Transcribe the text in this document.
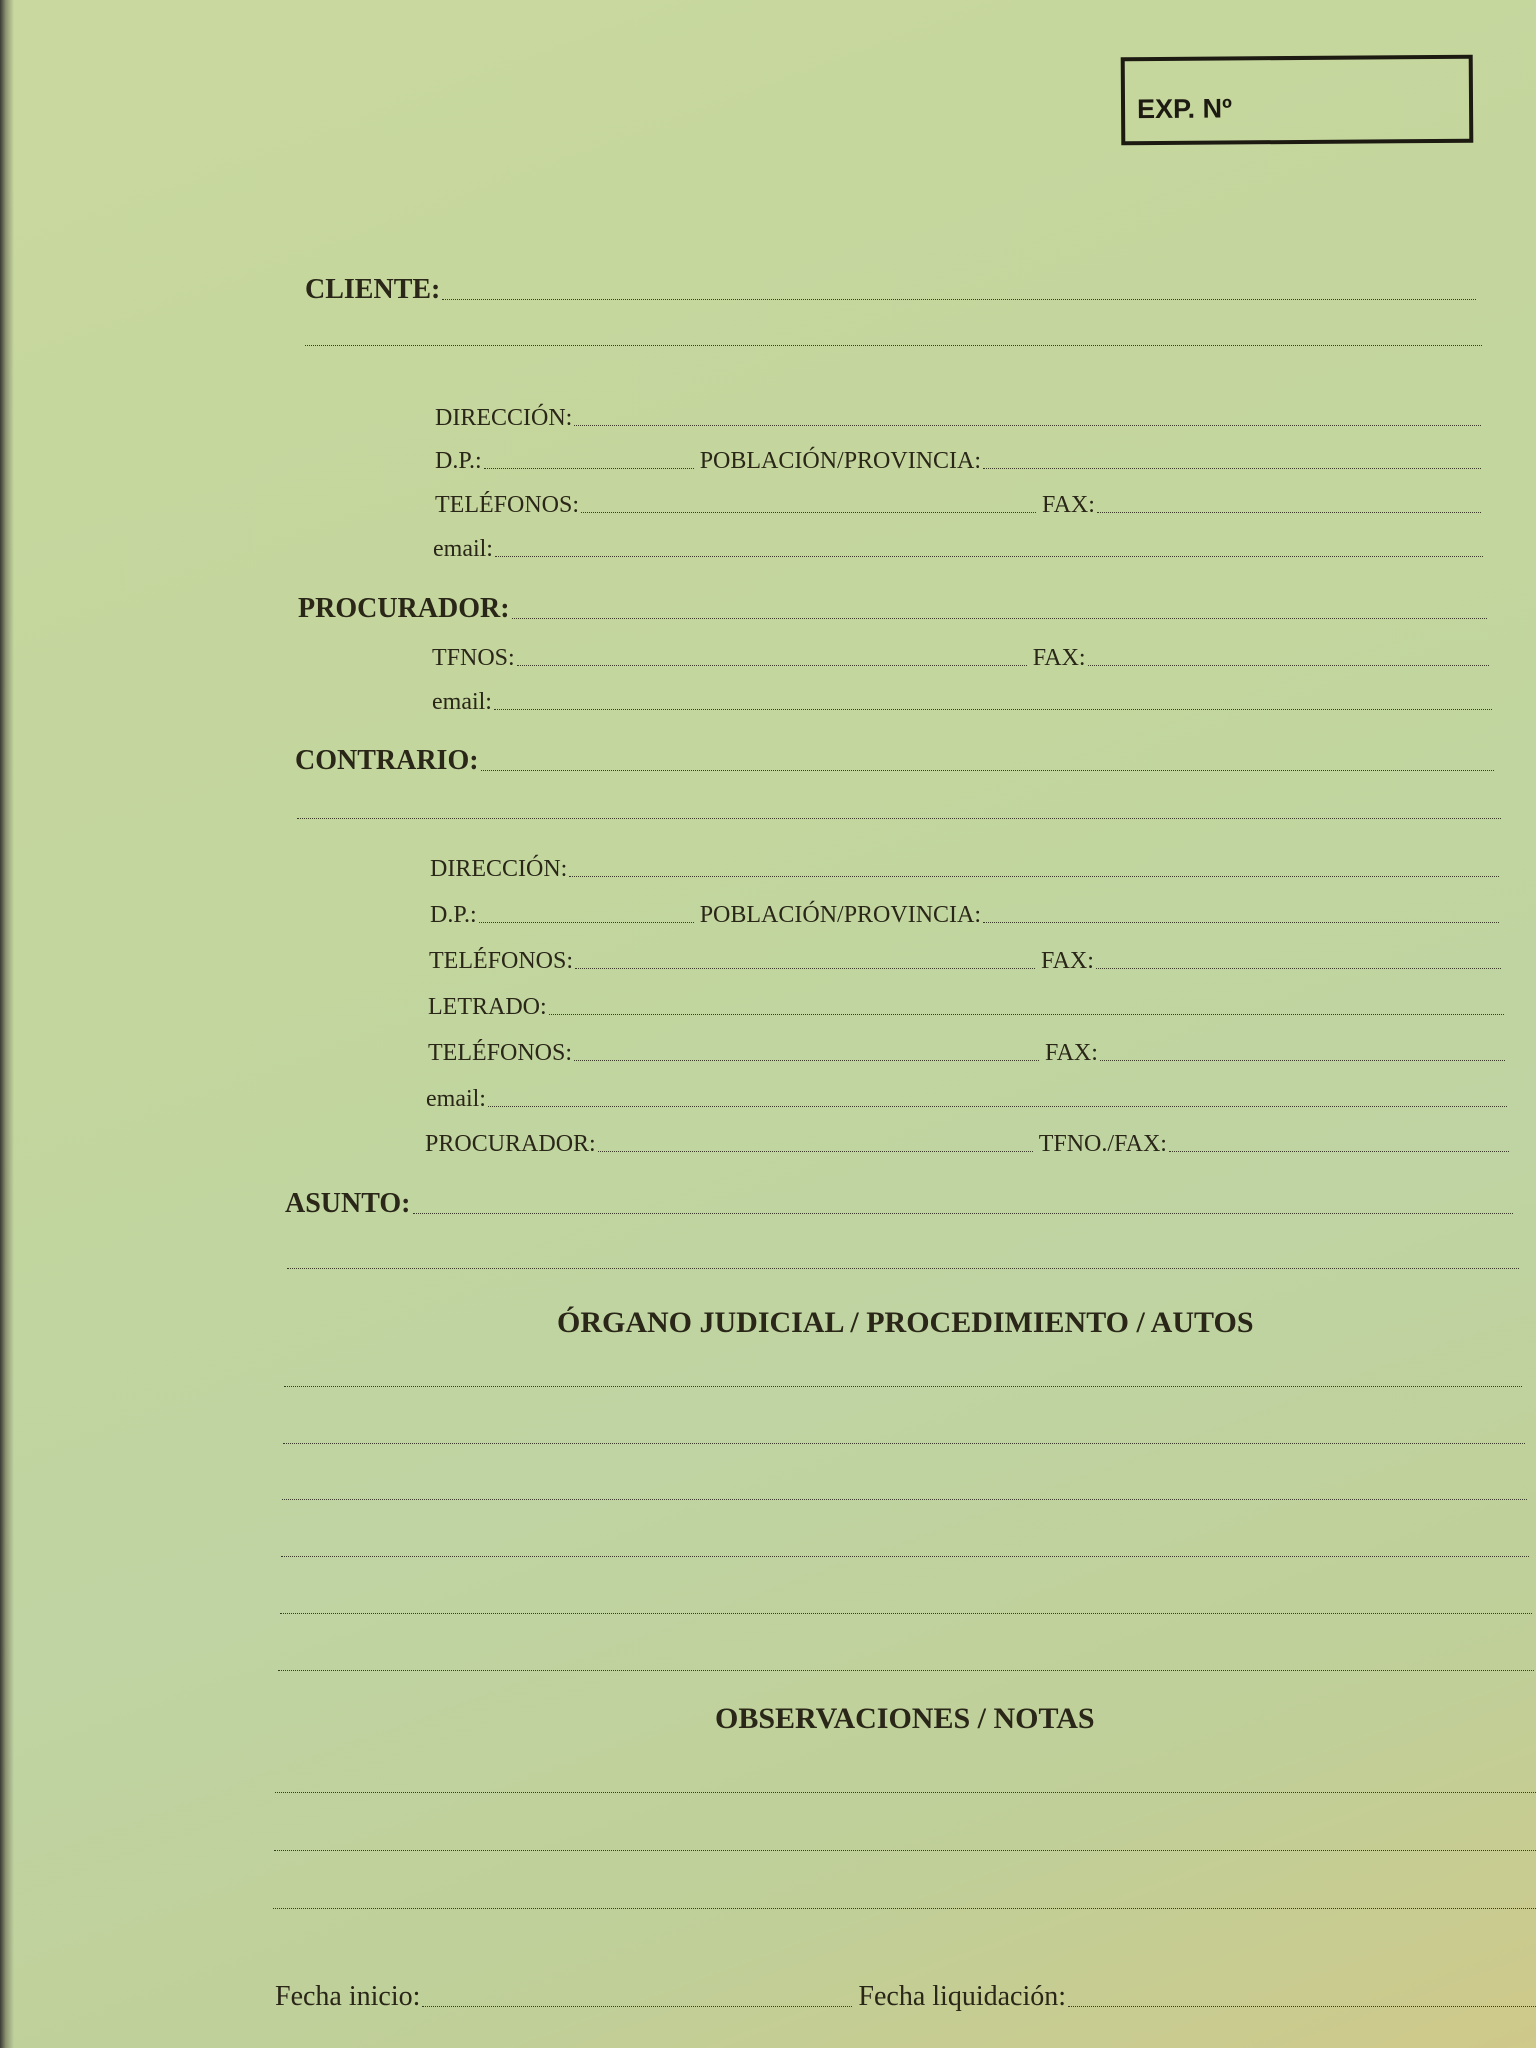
EXP. Nº
CLIENTE:
DIRECCIÓN:
D.P.:	POBLACIÓN/PROVINCIA:
TELÉFONOS:	FAX:
email:
PROCURADOR:
TFNOS:	FAX:
email:
CONTRARIO:
DIRECCIÓN:
D.P.:	POBLACIÓN/PROVINCIA:
TELÉFONOS:	FAX:
LETRADO:
TELÉFONOS:	FAX:
email:
PROCURADOR:	TFNO./FAX:
ASUNTO:
ÓRGANO JUDICIAL / PROCEDIMIENTO / AUTOS
OBSERVACIONES / NOTAS
Fecha inicio:	Fecha liquidación:
